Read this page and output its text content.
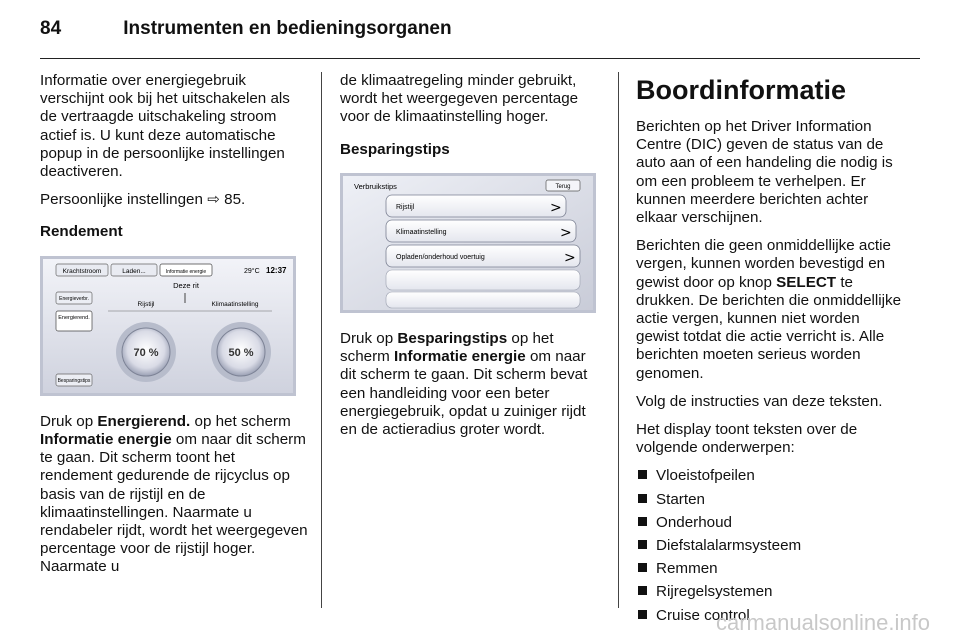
84	Instrumenten en bedieningsorganen

Informatie over energiegebruik verschijnt ook bij het uitschakelen als de vertraagde uitschakeling stroom actief is. U kunt deze automatische popup in de persoonlijke instellingen deactiveren.

Persoonlijke instellingen ⇨ 85.

Rendement
Krachtstroom	Laden...	Informatie energie	29°C 12:37
Deze rit
Energieverbr.
Energierend.
Besparingstips
Rijstijl	Klimaatinstelling
70 %	50 %

Druk op Energierend. op het scherm Informatie energie om naar dit scherm te gaan. Dit scherm toont het rendement gedurende de rijcyclus op basis van de rijstijl en de klimaatinstellingen. Naarmate u rendabeler rijdt, wordt het weergegeven percentage voor de rijstijl hoger. Naarmate u

de klimaatregeling minder gebruikt, wordt het weergegeven percentage voor de klimaatinstelling hoger.

Besparingstips
Verbruikstips	Terug
Rijstijl	>
Klimaatinstelling	>
Opladen/onderhoud voertuig	>

Druk op Besparingstips op het scherm Informatie energie om naar dit scherm te gaan. Dit scherm bevat een handleiding voor een beter energiegebruik, opdat u zuiniger rijdt en de actieradius groter wordt.

Boordinformatie

Berichten op het Driver Information Centre (DIC) geven de status van de auto aan of een handeling die nodig is om een probleem te verhelpen. Er kunnen meerdere berichten achter elkaar verschijnen.

Berichten die geen onmiddellijke actie vergen, kunnen worden bevestigd en gewist door op knop SELECT te drukken. De berichten die onmiddellijke actie vergen, kunnen niet worden gewist totdat die actie verricht is. Alle berichten moeten serieus worden genomen.

Volg de instructies van deze teksten.

Het display toont teksten over de volgende onderwerpen:

Vloeistofpeilen
Starten
Onderhoud
Diefstalalarmsysteem
Remmen
Rijregelsystemen
Cruise control
carmanualsonline.info
